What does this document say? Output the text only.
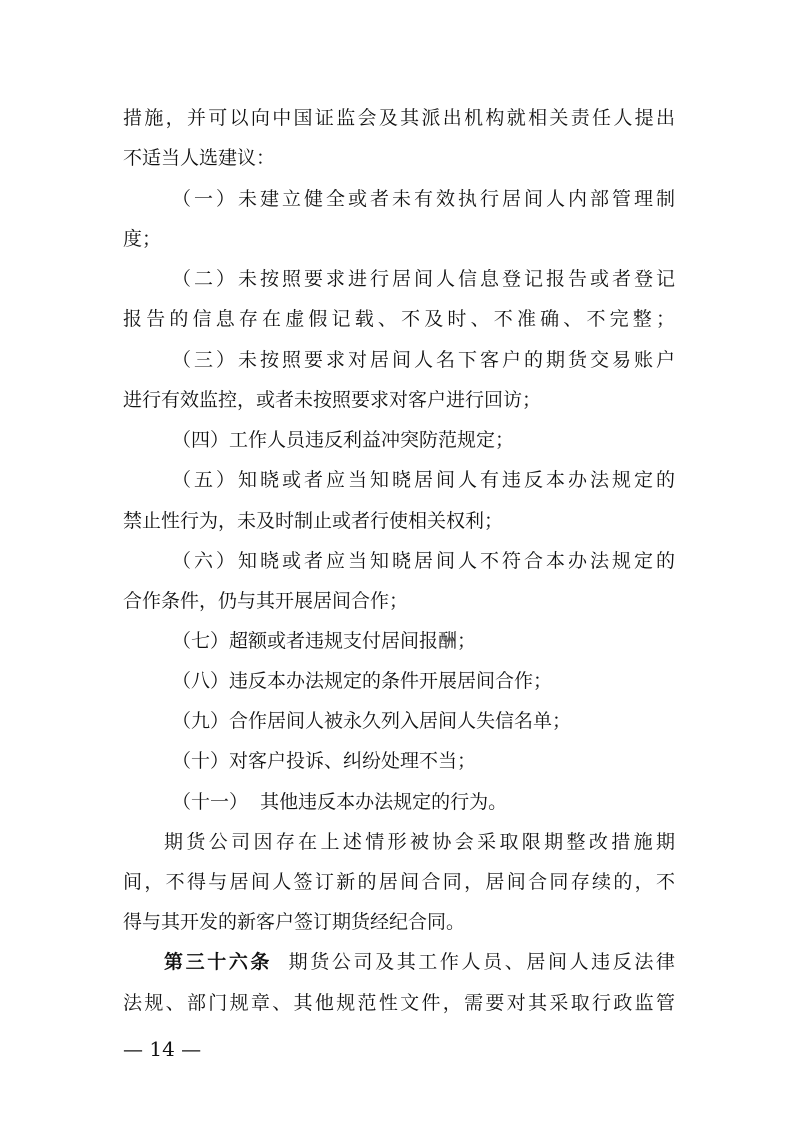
措施，并可以向中国证监会及其派出机构就相关责任人提出
不适当人选建议：
（一）未建立健全或者未有效执行居间人内部管理制
度；
（二）未按照要求进行居间人信息登记报告或者登记
报告的信息存在虚假记载、不及时、不准确、不完整；
（三）未按照要求对居间人名下客户的期货交易账户
进行有效监控，或者未按照要求对客户进行回访；
（四）工作人员违反利益冲突防范规定；
（五）知晓或者应当知晓居间人有违反本办法规定的
禁止性行为，未及时制止或者行使相关权利；
（六）知晓或者应当知晓居间人不符合本办法规定的
合作条件，仍与其开展居间合作；
（七）超额或者违规支付居间报酬；
（八）违反本办法规定的条件开展居间合作；
（九）合作居间人被永久列入居间人失信名单；
（十）对客户投诉、纠纷处理不当；
（十一）  其他违反本办法规定的行为。
期货公司因存在上述情形被协会采取限期整改措施期
间，不得与居间人签订新的居间合同，居间合同存续的，不
得与其开发的新客户签订期货经纪合同。
第三十六条 期货公司及其工作人员、居间人违反法律
法规、部门规章、其他规范性文件，需要对其采取行政监管
— 14 —
